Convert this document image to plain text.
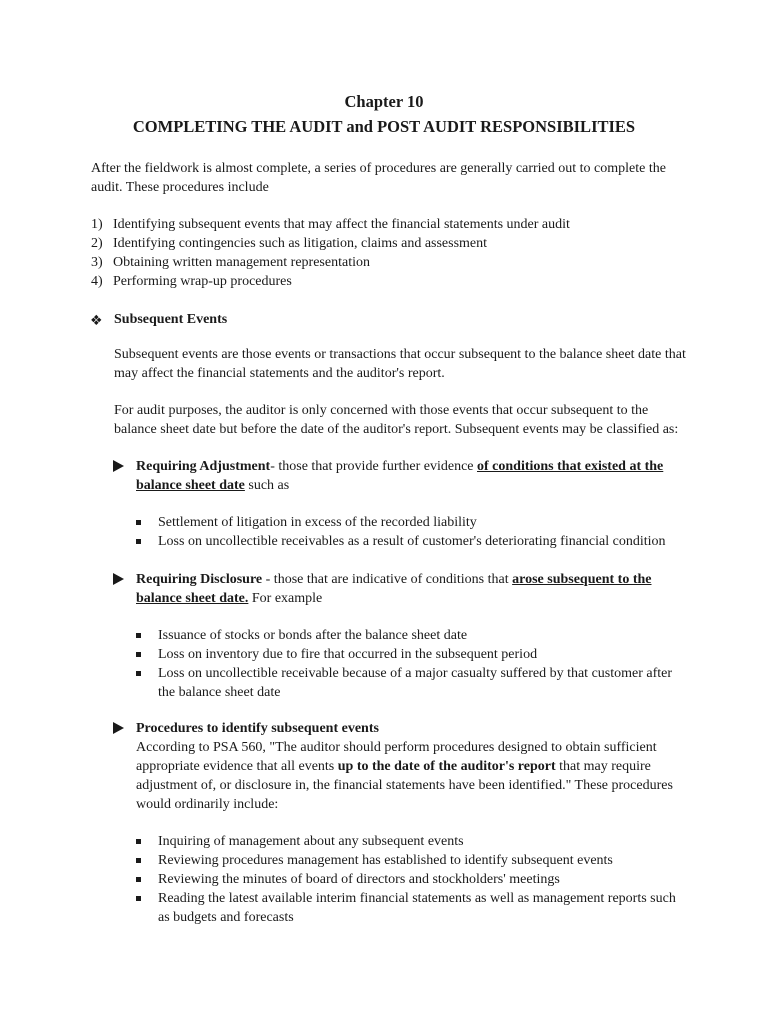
Chapter 10
COMPLETING THE AUDIT and POST AUDIT RESPONSIBILITIES
After the fieldwork is almost complete, a series of procedures are generally carried out to complete the
audit. These procedures include
1) Identifying subsequent events that may affect the financial statements under audit
2) Identifying contingencies such as litigation, claims and assessment
3) Obtaining written management representation
4) Performing wrap-up procedures
❖ Subsequent Events
Subsequent events are those events or transactions that occur subsequent to the balance sheet date that
may affect the financial statements and the auditor's report.
For audit purposes, the auditor is only concerned with those events that occur subsequent to the
balance sheet date but before the date of the auditor's report. Subsequent events may be classified as:
Requiring Adjustment- those that provide further evidence of conditions that existed at the
balance sheet date such as
Settlement of litigation in excess of the recorded liability
Loss on uncollectible receivables as a result of customer's deteriorating financial condition
Requiring Disclosure - those that are indicative of conditions that arose subsequent to the
balance sheet date. For example
Issuance of stocks or bonds after the balance sheet date
Loss on inventory due to fire that occurred in the subsequent period
Loss on uncollectible receivable because of a major casualty suffered by that customer after
the balance sheet date
Procedures to identify subsequent events
According to PSA 560, "The auditor should perform procedures designed to obtain sufficient
appropriate evidence that all events up to the date of the auditor's report that may require
adjustment of, or disclosure in, the financial statements have been identified." These procedures
would ordinarily include:
Inquiring of management about any subsequent events
Reviewing procedures management has established to identify subsequent events
Reviewing the minutes of board of directors and stockholders' meetings
Reading the latest available interim financial statements as well as management reports such
as budgets and forecasts
